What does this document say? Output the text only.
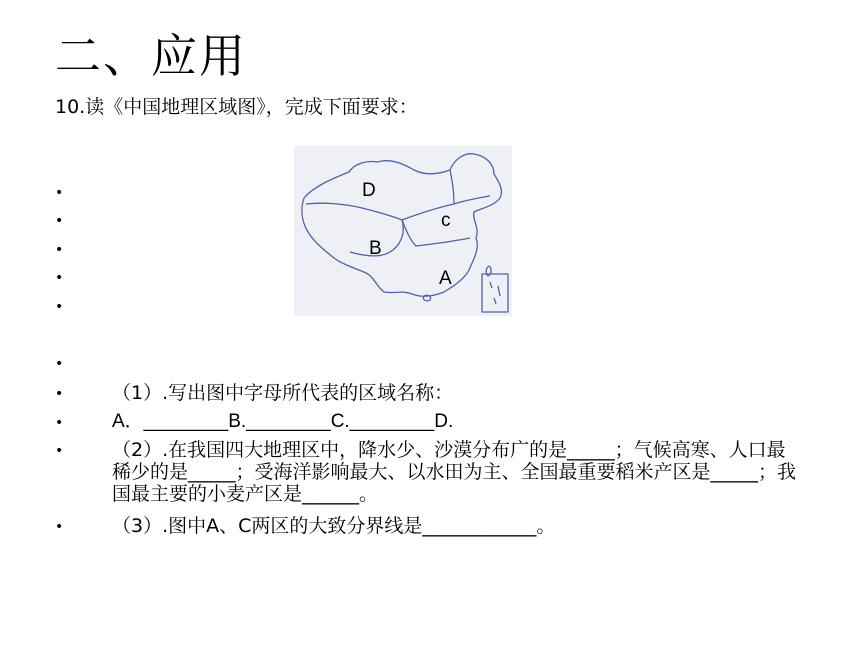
二、应用
10.读《中国地理区域图》，完成下面要求：
•
•
•
•
•
•
D
c
B
A
•	（1）.写出图中字母所代表的区域名称：
•	A．________B.________C.________D.
•	（2）.在我国四大地理区中，降水少、沙漠分布广的是_____；气候高寒、人口最稀少的是_____；受海洋影响最大、以水田为主、全国最重要稻米产区是_____；我国最主要的小麦产区是______。
•	（3）.图中A、C两区的大致分界线是____________。
